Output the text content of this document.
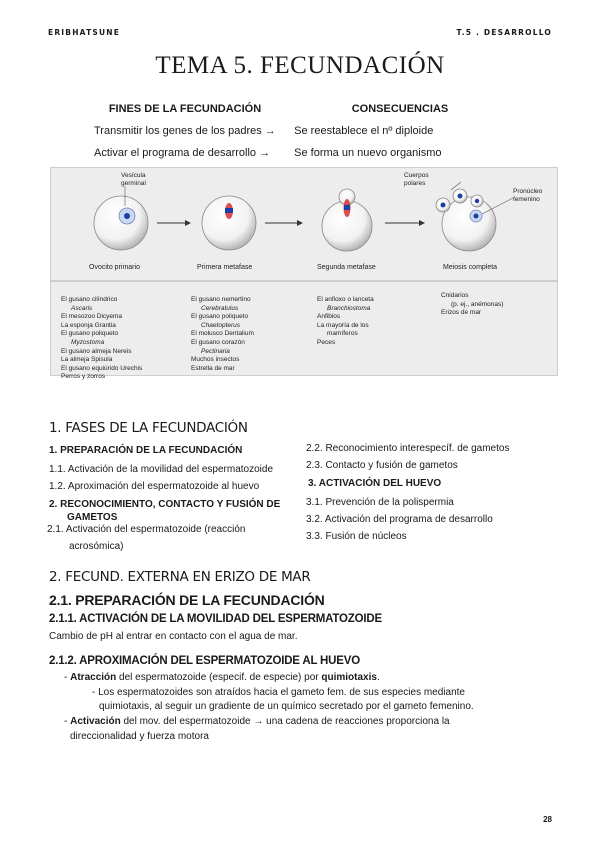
ERIBHATSUNE	T.5 . DESARROLLO
TEMA 5. FECUNDACIÓN
FINES DE LA FECUNDACIÓN	CONSECUENCIAS
Transmitir los genes de los padres →	Se reestablece el nº diploide
Activar el programa de desarrollo →	Se forma un nuevo organismo
Vesícula
germinal
Cuerpos
polares
Pronúcleo
femenino
Ovocito primario	Primera metafase	Segunda metafase	Meiosis completa
El gusano cilíndrico
Ascaris
El mesozoo Dicyema
La esponja Grantia
El gusano poliqueto
Myzostoma
El gusano almeja Nereis
La almeja Spisula
El gusano equiúrido Urechis
Perros y zorros
El gusano nemertino
Cerebratulus
El gusano poliqueto
Chaetopterus
El molusco Dentalium
El gusano corazón
Pectinaria
Muchos insectos
Estrella de mar
El anfioxo o lanceta
Branchiostoma
Anfibios
La mayoría de los
mamíferos
Peces
Cnidarios
(p. ej., anémonas)
Erizos de mar
1. FASES DE LA FECUNDACIÓN
1. PREPARACIÓN DE LA FECUNDACIÓN
1.1. Activación de la movilidad del espermatozoide
1.2. Aproximación del espermatozoide al huevo
2. RECONOCIMIENTO, CONTACTO Y FUSIÓN DE
GAMETOS
2.1. Activación del espermatozoide (reacción
acrosómica)
2.2. Reconocimiento interespecíf. de gametos
2.3. Contacto y fusión de gametos
3. ACTIVACIÓN DEL HUEVO
3.1. Prevención de la polispermia
3.2. Activación del programa de desarrollo
3.3. Fusión de núcleos
2. FECUND. EXTERNA EN ERIZO DE MAR
2.1. PREPARACIÓN DE LA FECUNDACIÓN
2.1.1. ACTIVACIÓN DE LA MOVILIDAD DEL ESPERMATOZOIDE
Cambio de pH al entrar en contacto con el agua de mar.
2.1.2. APROXIMACIÓN DEL ESPERMATOZOIDE AL HUEVO
- Atracción del espermatozoide (especif. de especie) por quimiotaxis.
- Los espermatozoides son atraídos hacia el gameto fem. de sus especies mediante
quimiotaxis, al seguir un gradiente de un químico secretado por el gameto femenino.
- Activación del mov. del espermatozoide → una cadena de reacciones proporciona la
direccionalidad y fuerza motora
28
